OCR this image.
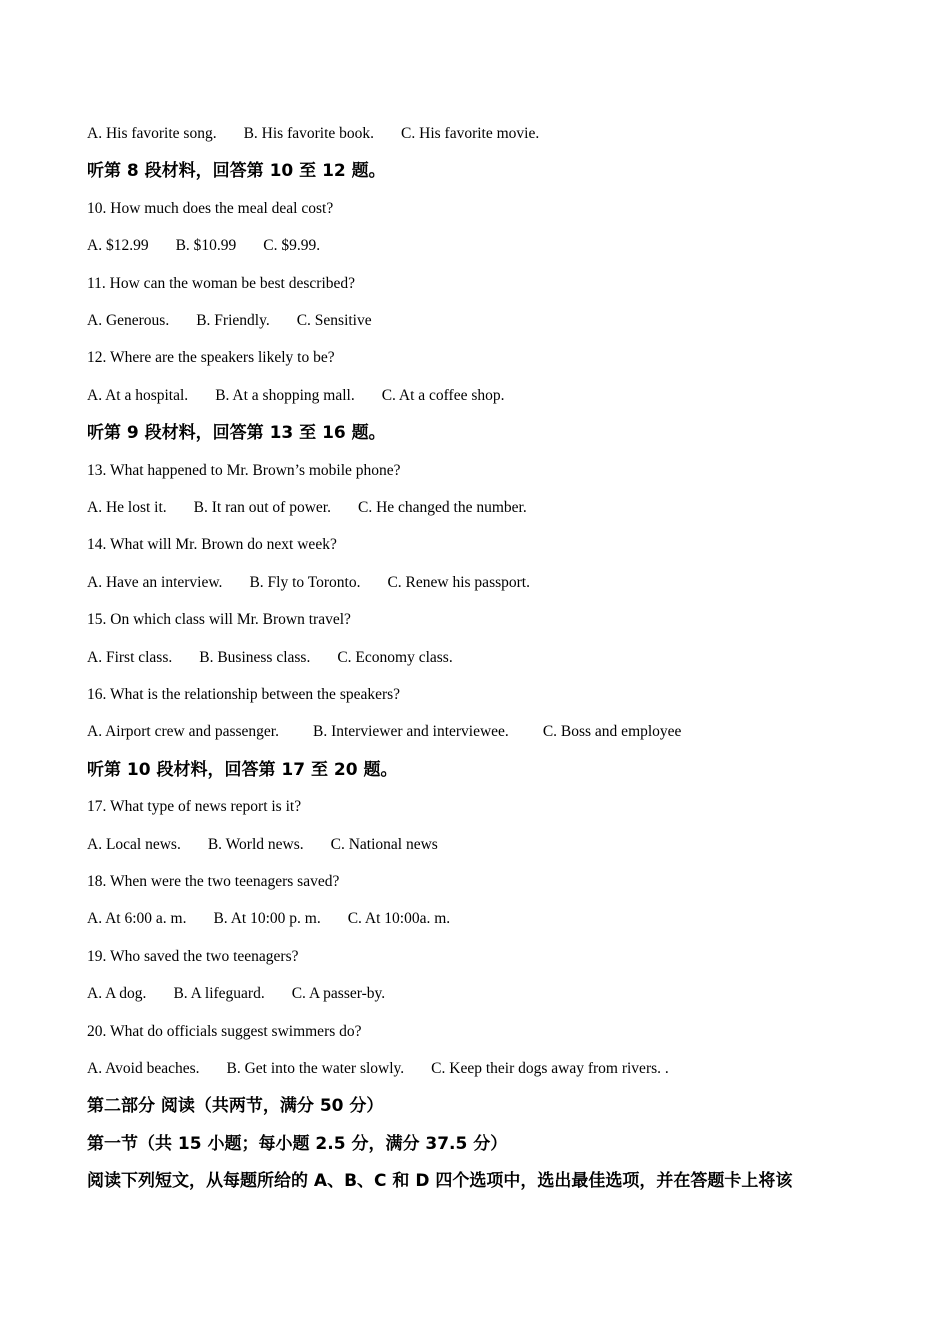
A. His favorite song. B. His favorite book. C. His favorite movie.
听第 8 段材料，回答第 10 至 12 题。
10. How much does the meal deal cost?
A. $12.99 B. $10.99 C. $9.99.
11. How can the woman be best described?
A. Generous. B. Friendly. C. Sensitive
12. Where are the speakers likely to be?
A. At a hospital. B. At a shopping mall. C. At a coffee shop.
听第 9 段材料，回答第 13 至 16 题。
13. What happened to Mr. Brown’s mobile phone?
A. He lost it. B. It ran out of power. C. He changed the number.
14. What will Mr. Brown do next week?
A. Have an interview. B. Fly to Toronto. C. Renew his passport.
15. On which class will Mr. Brown travel?
A. First class. B. Business class. C. Economy class.
16. What is the relationship between the speakers?
A. Airport crew and passenger. B. Interviewer and interviewee. C. Boss and employee
听第 10 段材料，回答第 17 至 20 题。
17. What type of news report is it?
A. Local news. B. World news. C. National news
18. When were the two teenagers saved?
A. At 6:00 a. m. B. At 10:00 p. m. C. At 10:00a. m.
19. Who saved the two teenagers?
A. A dog. B. A lifeguard. C. A passer-by.
20. What do officials suggest swimmers do?
A. Avoid beaches. B. Get into the water slowly. C. Keep their dogs away from rivers. .
第二部分 阅读（共两节，满分 50 分）
第一节（共 15 小题；每小题 2.5 分，满分 37.5 分）
阅读下列短文，从每题所给的 A、B、C 和 D 四个选项中，选出最佳选项，并在答题卡上将该
